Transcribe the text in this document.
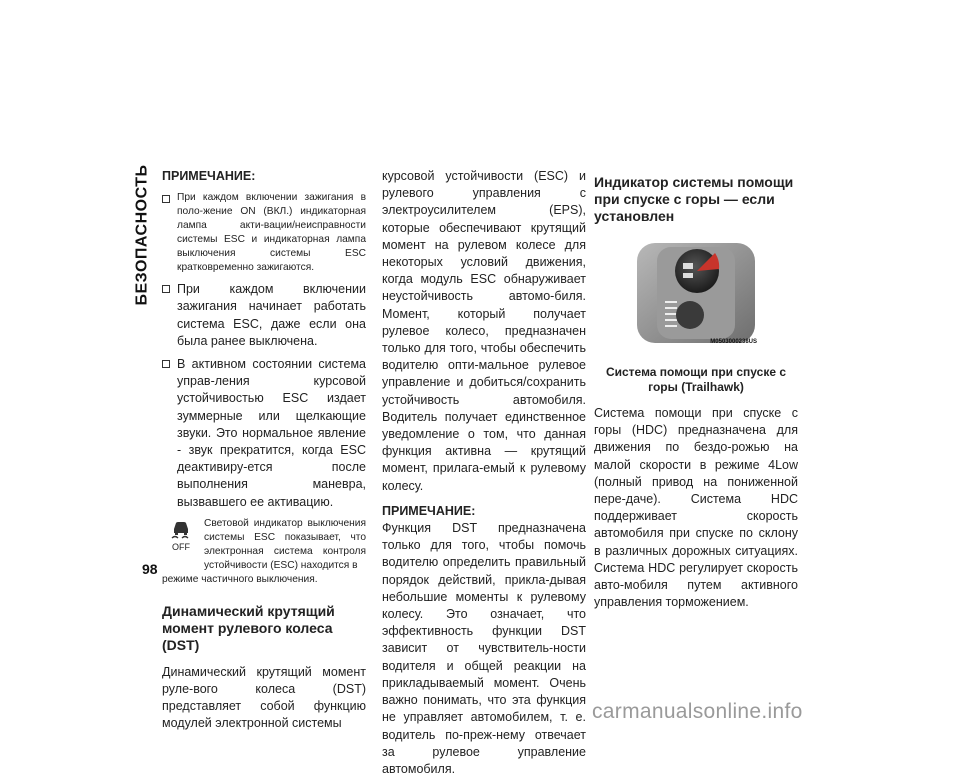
БЕЗОПАСНОСТЬ
98
ПРИМЕЧАНИЕ:
При каждом включении зажигания в поло-жение ON (ВКЛ.) индикаторная лампа акти-вации/неисправности системы ESC и индикаторная лампа выключения системы ESC кратковременно зажигаются.
При каждом включении зажигания начинает работать система ESC, даже если она была ранее выключена.
В активном состоянии система управ-ления курсовой устойчивостью ESC издает зуммерные или щелкающие звуки. Это нормальное явление - звук прекратится, когда ESC деактивиру-ется после выполнения маневра, вызвавшего ее активацию.
OFF
Световой индикатор выключения системы ESC показывает, что электронная система контроля устойчивости (ESC) находится в
режиме частичного выключения.
Динамический крутящий момент рулевого колеса (DST)

Динамический крутящий момент руле-вого колеса (DST) представляет собой функцию модулей электронной системы

курсовой устойчивости (ESC) и рулевого управления с электроусилителем (EPS), которые обеспечивают крутящий момент на рулевом колесе для некоторых условий движения, когда модуль ESC обнаруживает неустойчивость автомо-биля. Момент, который получает рулевое колесо, предназначен только для того, чтобы обеспечить водителю опти-мальное рулевое управление и добиться/сохранить устойчивость автомобиля. Водитель получает единственное уведомление о том, что данная функция активна — крутящий момент, прилага-емый к рулевому колесу.

ПРИМЕЧАНИЕ:

Функция DST предназначена только для того, чтобы помочь водителю определить правильный порядок действий, прикла-дывая небольшие моменты к рулевому колесу. Это означает, что эффективность функции DST зависит от чувствитель-ности водителя и общей реакции на прикладываемый момент. Очень важно понимать, что эта функция не управляет автомобилем, т. е. водитель по-преж-нему отвечает за рулевое управление автомобиля.

Индикатор системы помощи при спуске с горы — если установлен
M0503000238US
Система помощи при спуске с горы (Trailhawk)

Система помощи при спуске с горы (HDC) предназначена для движения по бездо-рожью на малой скорости в режиме 4Low (полный привод на пониженной пере-даче). Система HDC поддерживает скорость автомобиля при спуске по склону в различных дорожных ситуациях. Система HDC регулирует скорость авто-мобиля путем активного управления торможением.

carmanualsonline.info
